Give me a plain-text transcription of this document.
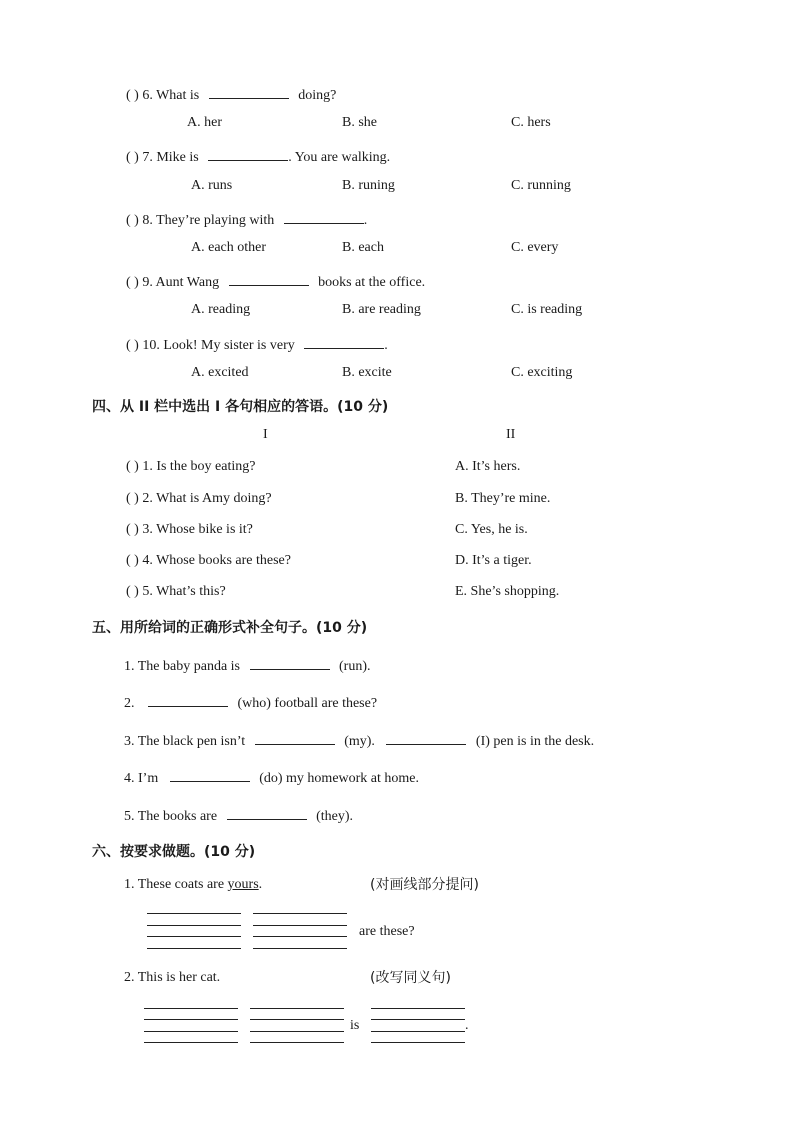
( ) 6. What is	doing?
A. her	B. she	C. hers
( ) 7. Mike is	. You are walking.
A. runs	B. runing	C. running
( ) 8. They’re playing with	.
A. each other	B. each	C. every
( ) 9. Aunt Wang	books at the office.
A. reading	B. are reading	C. is reading
( ) 10. Look! My sister is very	.
A. excited	B. excite	C. exciting
四、从 II 栏中选出 I 各句相应的答语。(10 分)
I	II
( ) 1. Is the boy eating?	A. It’s hers.
( ) 2. What is Amy doing?	B. They’re mine.
( ) 3. Whose bike is it?	C. Yes, he is.
( ) 4. Whose books are these?	D. It’s a tiger.
( ) 5. What’s this?	E. She’s shopping.
五、用所给词的正确形式补全句子。(10 分)
1. The baby panda is	(run).
2.	(who) football are these?
3. The black pen isn’t	(my).	(I) pen is in the desk.
4. I’m	(do) my homework at home.
5. The books are	(they).
六、按要求做题。(10 分)
1. These coats are yours.	(对画线部分提问)
are these?
2. This is her cat.	(改写同义句)
is	.
